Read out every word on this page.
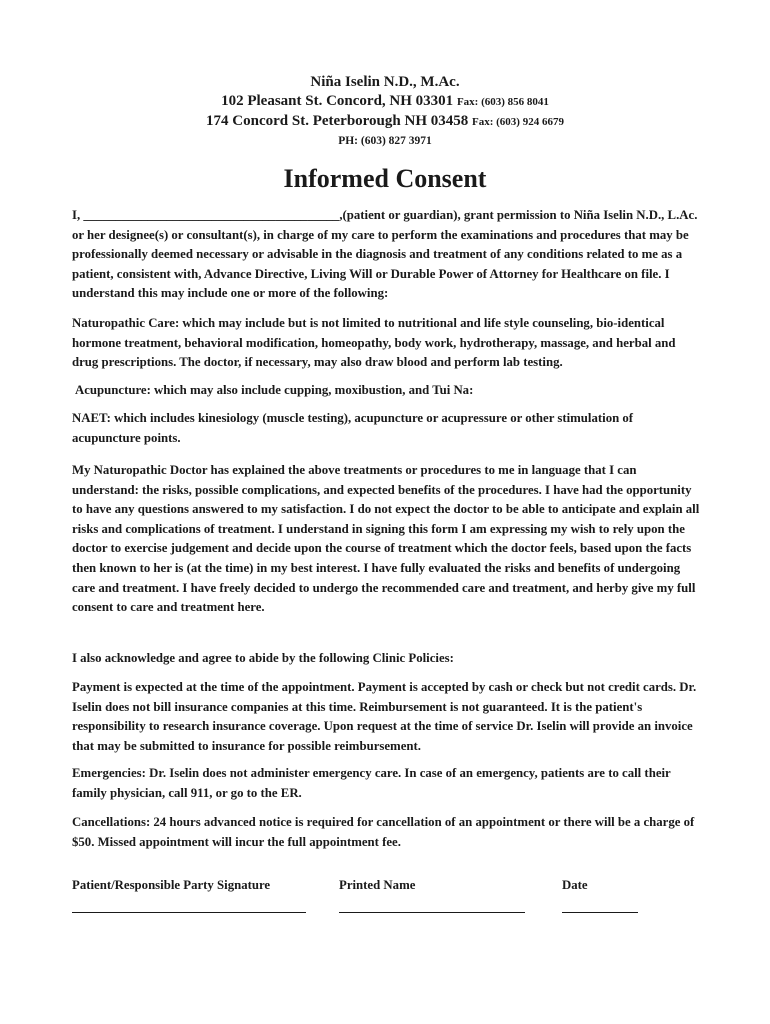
Niña Iselin N.D., M.Ac.
102 Pleasant St. Concord, NH 03301 Fax: (603) 856 8041
174 Concord St. Peterborough NH 03458 Fax: (603) 924 6679
PH: (603) 827 3971
Informed Consent

I, ________________________________________,(patient or guardian), grant permission to Niña Iselin N.D., L.Ac. or her designee(s) or consultant(s), in charge of my care to perform the examinations and procedures that may be professionally deemed necessary or advisable in the diagnosis and treatment of any conditions related to me as a patient, consistent with, Advance Directive, Living Will or Durable Power of Attorney for Healthcare on file. I understand this may include one or more of the following:

Naturopathic Care: which may include but is not limited to nutritional and life style counseling, bio-identical hormone treatment, behavioral modification, homeopathy, body work, hydrotherapy, massage, and herbal and drug prescriptions. The doctor, if necessary, may also draw blood and perform lab testing.

Acupuncture: which may also include cupping, moxibustion, and Tui Na:

NAET: which includes kinesiology (muscle testing), acupuncture or acupressure or other stimulation of acupuncture points.

My Naturopathic Doctor has explained the above treatments or procedures to me in language that I can understand: the risks, possible complications, and expected benefits of the procedures. I have had the opportunity to have any questions answered to my satisfaction. I do not expect the doctor to be able to anticipate and explain all risks and complications of treatment. I understand in signing this form I am expressing my wish to rely upon the doctor to exercise judgement and decide upon the course of treatment which the doctor feels, based upon the facts then known to her is (at the time) in my best interest. I have fully evaluated the risks and benefits of undergoing care and treatment. I have freely decided to undergo the recommended care and treatment, and herby give my full consent to care and treatment here.

I also acknowledge and agree to abide by the following Clinic Policies:

Payment is expected at the time of the appointment. Payment is accepted by cash or check but not credit cards. Dr. Iselin does not bill insurance companies at this time. Reimbursement is not guaranteed. It is the patient's responsibility to research insurance coverage. Upon request at the time of service Dr. Iselin will provide an invoice that may be submitted to insurance for possible reimbursement.

Emergencies: Dr. Iselin does not administer emergency care. In case of an emergency, patients are to call their family physician, call 911, or go to the ER.

Cancellations: 24 hours advanced notice is required for cancellation of an appointment or there will be a charge of $50. Missed appointment will incur the full appointment fee.

Patient/Responsible Party Signature	Printed Name	Date
